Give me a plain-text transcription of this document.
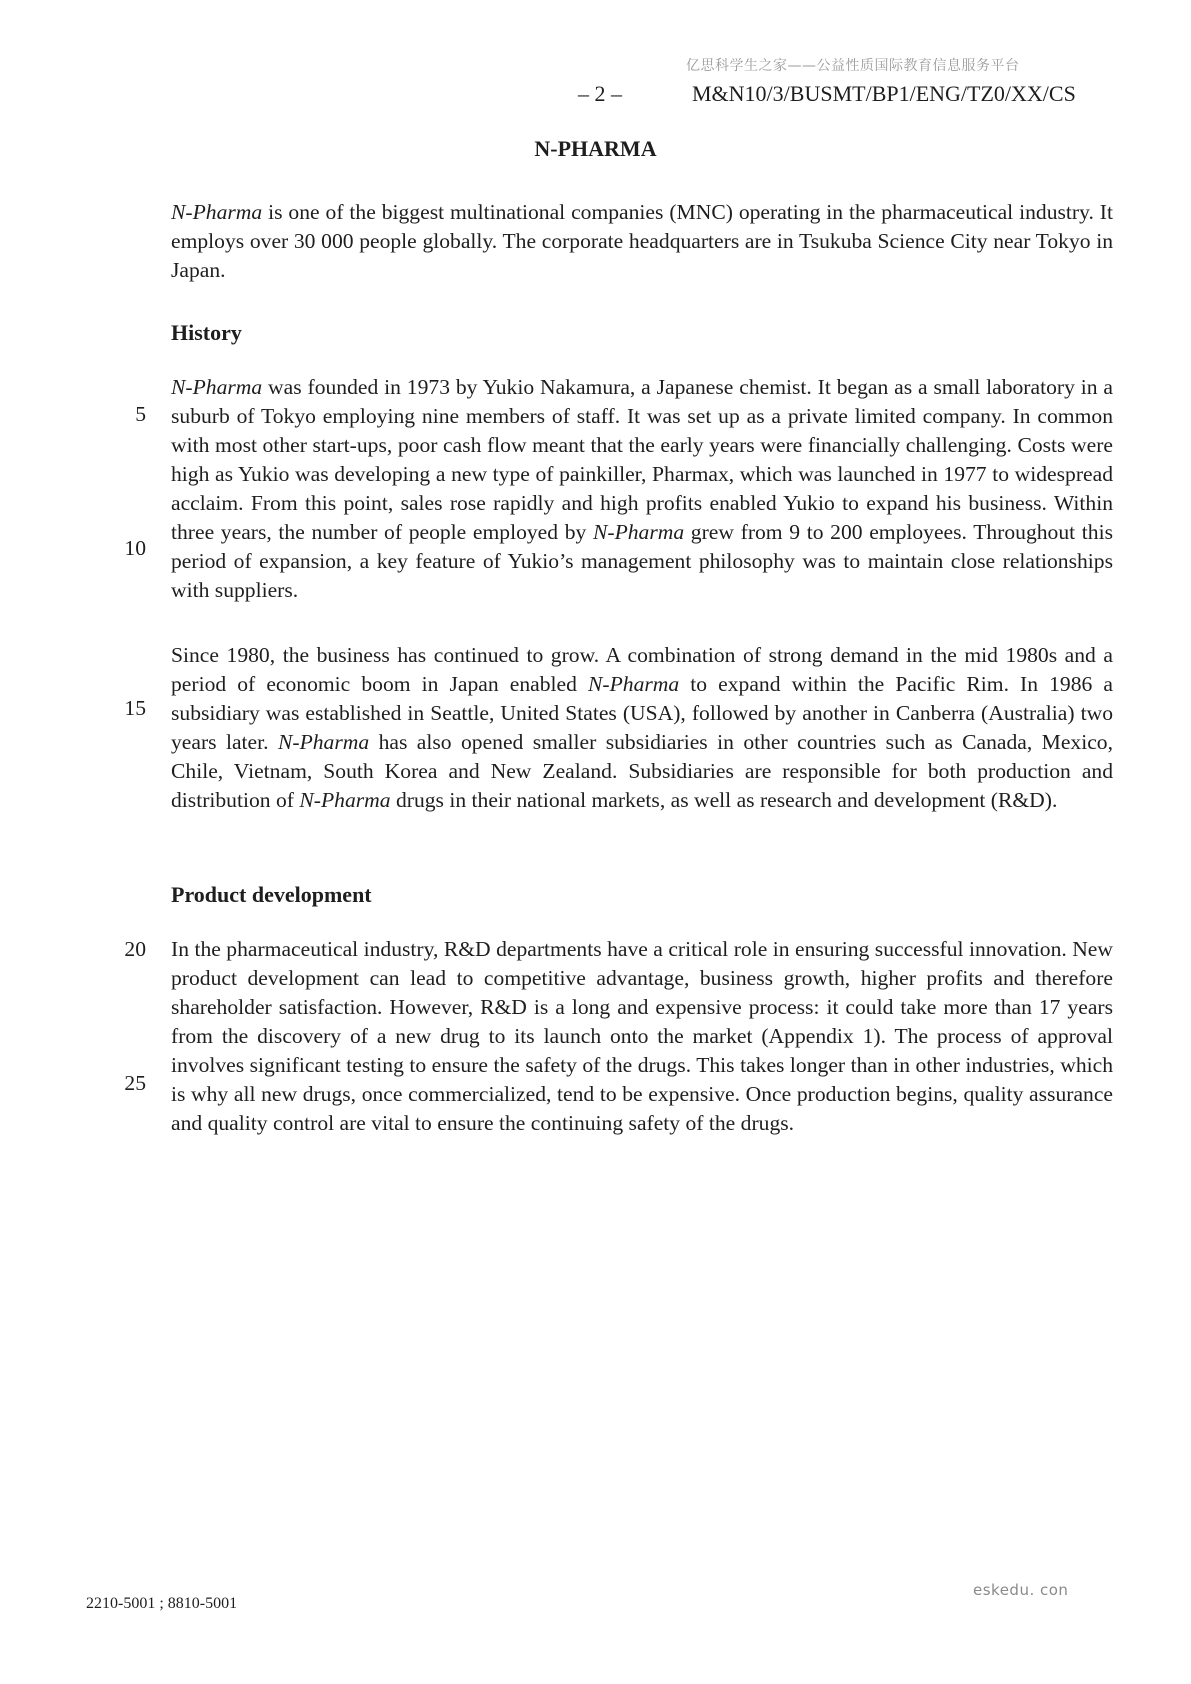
亿思科学生之家——公益性质国际教育信息服务平台
– 2 –	M&N10/3/BUSMT/BP1/ENG/TZ0/XX/CS
N-PHARMA

N-Pharma is one of the biggest multinational companies (MNC) operating in the pharmaceutical industry. It employs over 30 000 people globally. The corporate headquarters are in Tsukuba Science City near Tokyo in Japan.

History

N-Pharma was founded in 1973 by Yukio Nakamura, a Japanese chemist. It began as a small laboratory in a suburb of Tokyo employing nine members of staff. It was set up as a private limited company. In common with most other start-ups, poor cash flow meant that the early years were financially challenging. Costs were high as Yukio was developing a new type of painkiller, Pharmax, which was launched in 1977 to widespread acclaim. From this point, sales rose rapidly and high profits enabled Yukio to expand his business. Within three years, the number of people employed by N-Pharma grew from 9 to 200 employees. Throughout this period of expansion, a key feature of Yukio’s management philosophy was to maintain close relationships with suppliers.

Since 1980, the business has continued to grow. A combination of strong demand in the mid 1980s and a period of economic boom in Japan enabled N-Pharma to expand within the Pacific Rim. In 1986 a subsidiary was established in Seattle, United States (USA), followed by another in Canberra (Australia) two years later. N-Pharma has also opened smaller subsidiaries in other countries such as Canada, Mexico, Chile, Vietnam, South Korea and New Zealand. Subsidiaries are responsible for both production and distribution of N-Pharma drugs in their national markets, as well as research and development (R&D).

Product development

In the pharmaceutical industry, R&D departments have a critical role in ensuring successful innovation. New product development can lead to competitive advantage, business growth, higher profits and therefore shareholder satisfaction. However, R&D is a long and expensive process: it could take more than 17 years from the discovery of a new drug to its launch onto the market (Appendix 1). The process of approval involves significant testing to ensure the safety of the drugs. This takes longer than in other industries, which is why all new drugs, once commercialized, tend to be expensive. Once production begins, quality assurance and quality control are vital to ensure the continuing safety of the drugs.

5
10
15
20
25
2210-5001 ; 8810-5001
eskedu. con
